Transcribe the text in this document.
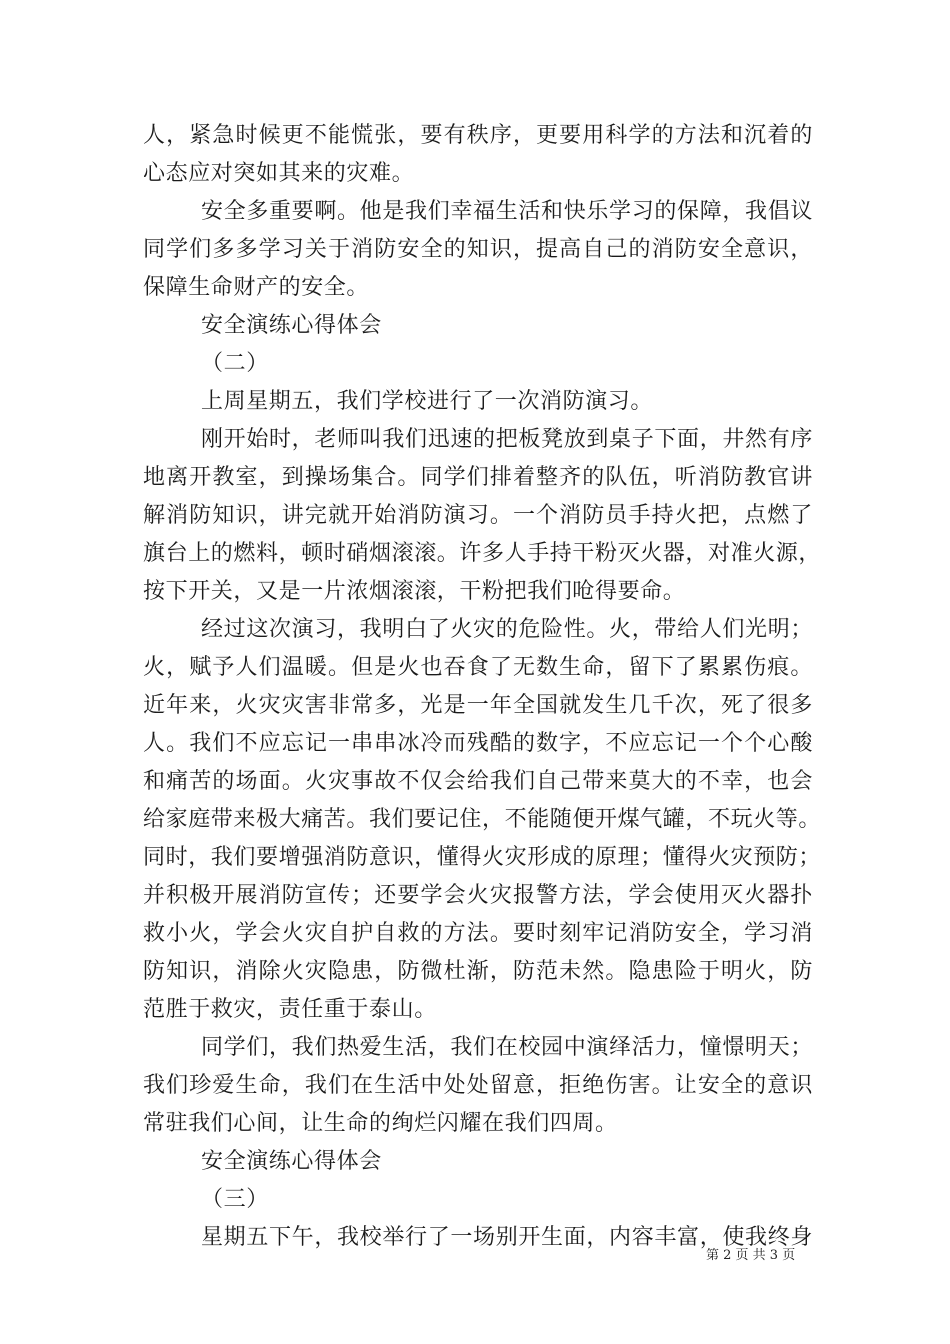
人，紧急时候更不能慌张，要有秩序，更要用科学的方法和沉着的
心态应对突如其来的灾难。
安全多重要啊。他是我们幸福生活和快乐学习的保障，我倡议
同学们多多学习关于消防安全的知识，提高自己的消防安全意识，
保障生命财产的安全。
安全演练心得体会
（二）
上周星期五，我们学校进行了一次消防演习。
刚开始时，老师叫我们迅速的把板凳放到桌子下面，井然有序
地离开教室，到操场集合。同学们排着整齐的队伍，听消防教官讲
解消防知识，讲完就开始消防演习。一个消防员手持火把，点燃了
旗台上的燃料，顿时硝烟滚滚。许多人手持干粉灭火器，对准火源，
按下开关，又是一片浓烟滚滚，干粉把我们呛得要命。
经过这次演习，我明白了火灾的危险性。火，带给人们光明；
火，赋予人们温暖。但是火也吞食了无数生命，留下了累累伤痕。
近年来，火灾灾害非常多，光是一年全国就发生几千次，死了很多
人。我们不应忘记一串串冰冷而残酷的数字，不应忘记一个个心酸
和痛苦的场面。火灾事故不仅会给我们自己带来莫大的不幸，也会
给家庭带来极大痛苦。我们要记住，不能随便开煤气罐，不玩火等。
同时，我们要增强消防意识，懂得火灾形成的原理；懂得火灾预防；
并积极开展消防宣传；还要学会火灾报警方法，学会使用灭火器扑
救小火，学会火灾自护自救的方法。要时刻牢记消防安全，学习消
防知识，消除火灾隐患，防微杜渐，防范未然。隐患险于明火，防
范胜于救灾，责任重于泰山。
同学们，我们热爱生活，我们在校园中演绎活力，憧憬明天；
我们珍爱生命，我们在生活中处处留意，拒绝伤害。让安全的意识
常驻我们心间，让生命的绚烂闪耀在我们四周。
安全演练心得体会
（三）
星期五下午，我校举行了一场别开生面，内容丰富，使我终身
第 2 页 共 3 页
